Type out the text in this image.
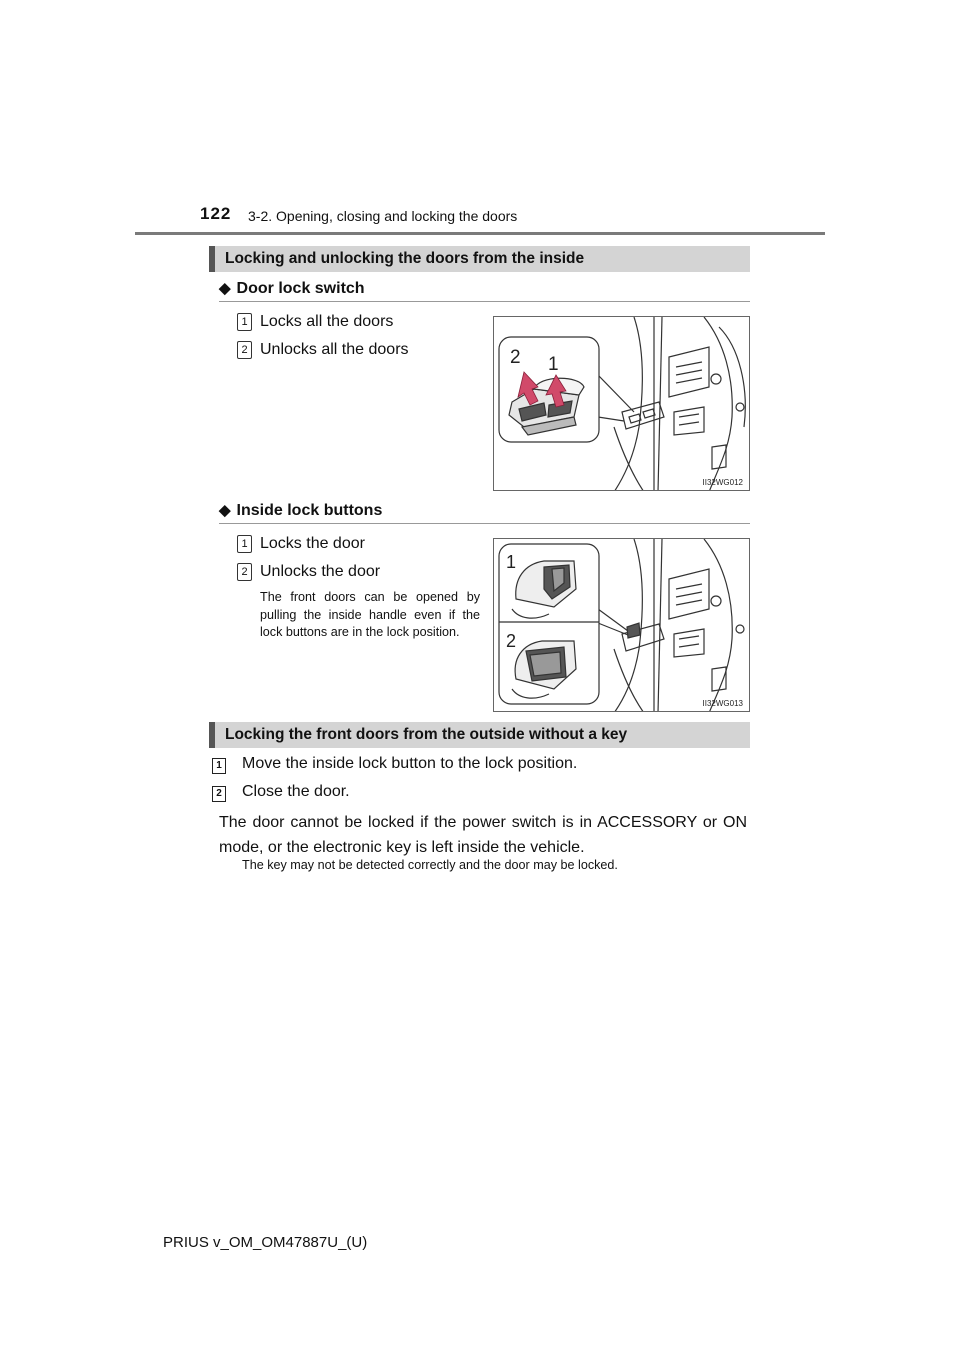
122 3-2. Opening, closing and locking the doors
Locking and unlocking the doors from the inside
◆ Door lock switch
1 Locks all the doors
2 Unlocks all the doors	2 1
II32WG012
◆ Inside lock buttons
1 Locks the door
2 Unlocks the door
The front doors can be opened by pulling the inside handle even if the lock buttons are in the lock position.
1
2
II32WG013
Locking the front doors from the outside without a key
1 Move the inside lock button to the lock position.
2 Close the door.
The door cannot be locked if the power switch is in ACCESSORY or ON mode, or the electronic key is left inside the vehicle.
The key may not be detected correctly and the door may be locked.
PRIUS v_OM_OM47887U_(U)
